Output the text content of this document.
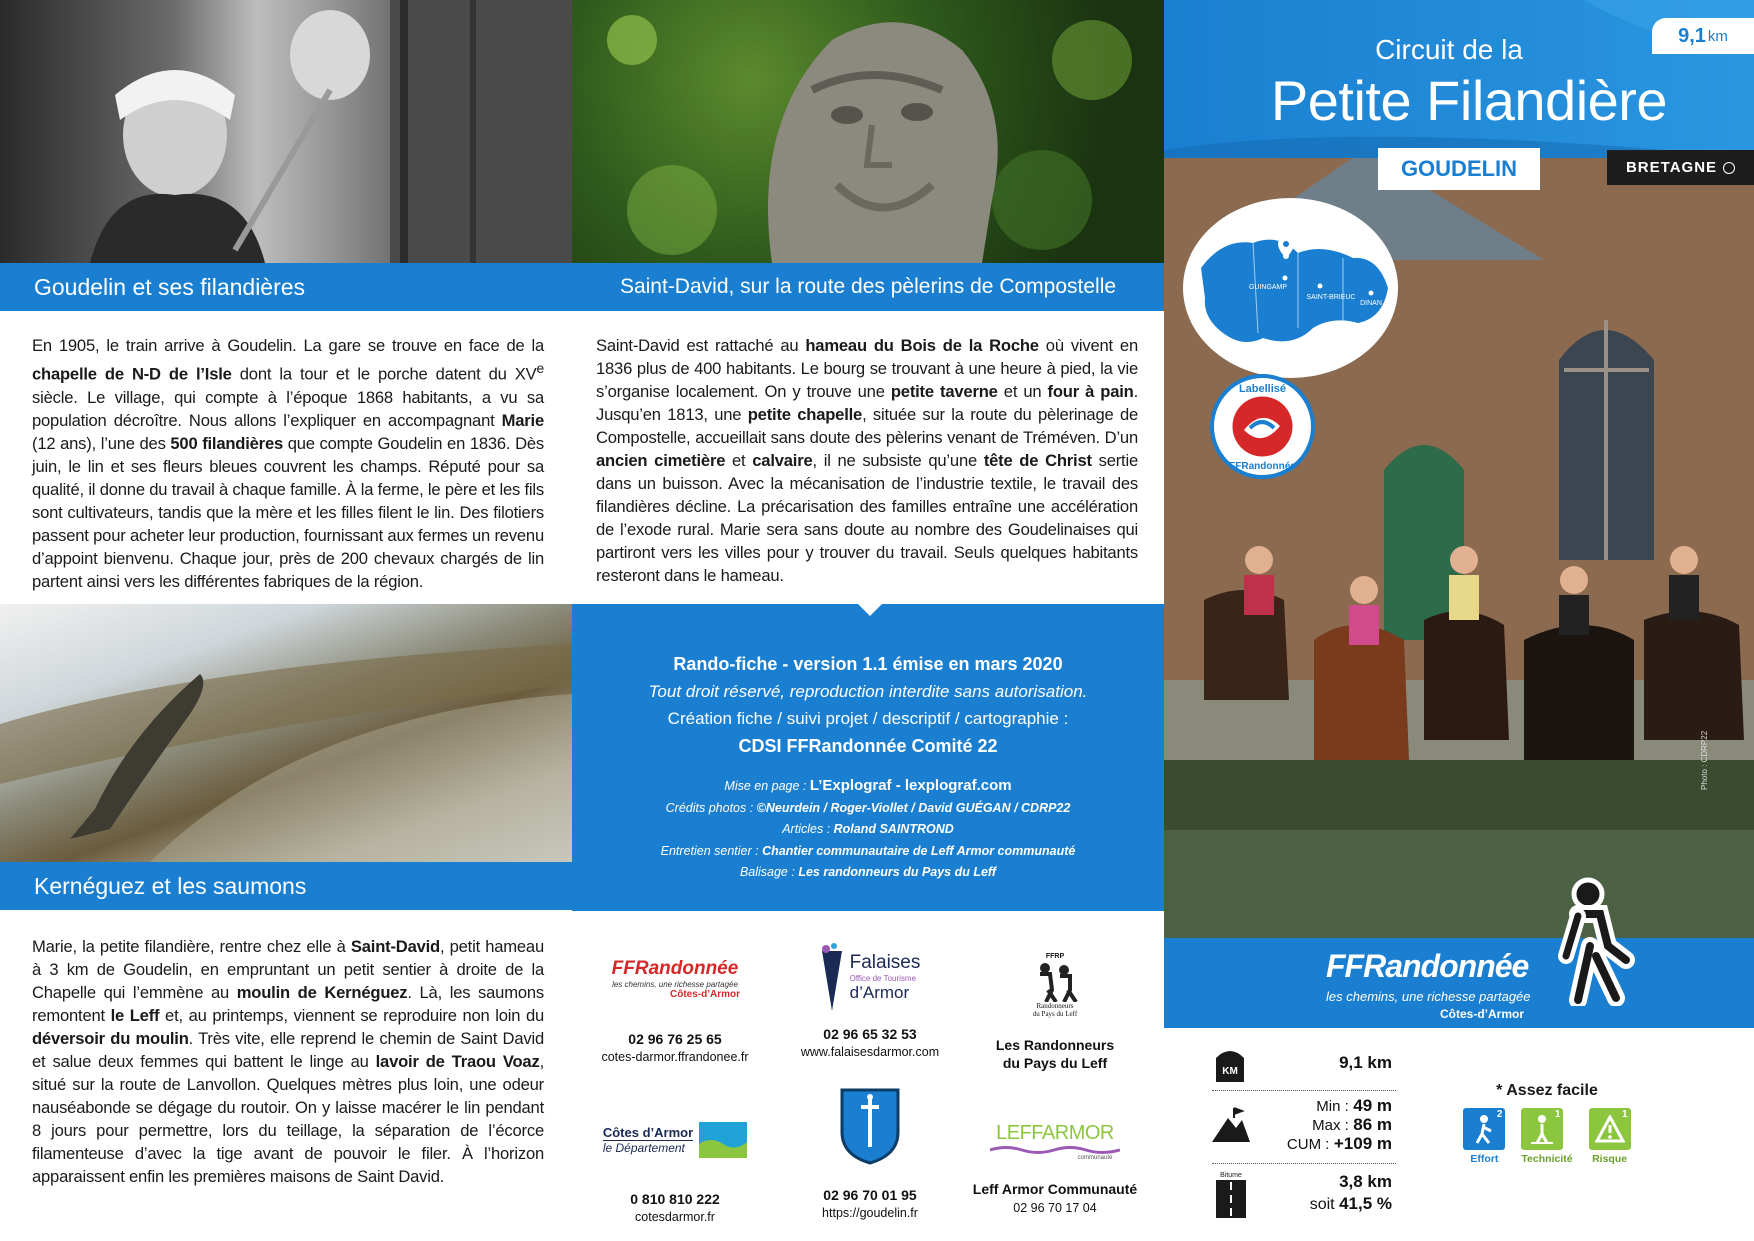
Goudelin et ses filandières	Saint-David, sur la route des pèlerins de Compostelle
Kernéguez et les saumons
En 1905, le train arrive à Goudelin. La gare se trouve en face de la chapelle de N-D de l’Isle dont la tour et le porche datent du XVe siècle. Le village, qui compte à l’époque 1868 habitants, a vu sa population décroître. Nous allons l’expliquer en accompagnant Marie (12 ans), l’une des 500 filandières que compte Goudelin en 1836. Dès juin, le lin et ses fleurs bleues couvrent les champs. Réputé pour sa qualité, il donne du travail à chaque famille. À la ferme, le père et les fils sont cultivateurs, tandis que la mère et les filles filent le lin. Des filotiers passent pour acheter leur production, fournissant aux fermes un revenu d’appoint bienvenu. Chaque jour, près de 200 chevaux chargés de lin partent ainsi vers les différentes fabriques de la région.
Saint-David est rattaché au hameau du Bois de la Roche où vivent en 1836 plus de 400 habitants. Le bourg se trouvant à une heure à pied, la vie s’organise localement. On y trouve une petite taverne et un four à pain. Jusqu’en 1813, une petite chapelle, située sur la route du pèlerinage de Compostelle, accueillait sans doute des pèlerins venant de Tréméven. D’un ancien cimetière et calvaire, il ne subsiste qu’une tête de Christ sertie dans un buisson. Avec la mécanisation de l’industrie textile, le travail des filandières décline. La précarisation des familles entraîne une accélération de l’exode rural. Marie sera sans doute au nombre des Goudelinaises qui partiront vers les villes pour y trouver du travail. Seuls quelques habitants resteront dans le hameau.
Marie, la petite filandière, rentre chez elle à Saint-David, petit hameau à 3 km de Goudelin, en empruntant un petit sentier à droite de la Chapelle qui l’emmène au moulin de Kernéguez. Là, les saumons remontent le Leff et, au printemps, viennent se reproduire non loin du déversoir du moulin. Très vite, elle reprend le chemin de Saint David et salue deux femmes qui battent le linge au lavoir de Traou Voaz, situé sur la route de Lanvollon. Quelques mètres plus loin, une odeur nauséabonde se dégage du routoir. On y laisse macérer le lin pendant 8 jours pour permettre, lors du teillage, la séparation de l’écorce filamenteuse d’avec la tige avant de pouvoir le filer. À l’horizon apparaissent enfin les premières maisons de Saint David.
Rando-fiche - version 1.1 émise en mars 2020
Tout droit réservé, reproduction interdite sans autorisation.
Création fiche / suivi projet / descriptif / cartographie :
CDSI FFRandonnée Comité 22
Mise en page : L’Explograf - lexplograf.com
Crédits photos : ©Neurdein / Roger-Viollet / David GUÉGAN / CDRP22
Articles : Roland SAINTROND
Entretien sentier : Chantier communautaire de Leff Armor communauté
Balisage : Les randonneurs du Pays du Leff
FFRandonnée
les chemins, une richesse partagée
Côtes-d’Armor
02 96 76 25 65
cotes-darmor.ffrandonee.fr
Falaises
Office de Tourisme
d’Armor
02 96 65 32 53
www.falaisesdarmor.com
FFRP
Randonneurs
du Pays du Leff
Les Randonneurs
du Pays du Leff
Côtes d’Armor
le Département
0 810 810 222
cotesdarmor.fr
02 96 70 01 95
https://goudelin.fr
LEFFARMOR
communauté
Leff Armor Communauté
02 96 70 17 04
9,1 km
Circuit de la
Petite Filandière
GOUDELIN	BRETAGNE
GOUDELIN
GUINGAMP
SAINT-BRIEUC
DINAN
Labellisé
FFRandonnée
Photo : CDRP22
FFRandonnée
les chemins, une richesse partagée
Côtes-d’Armor
KM	9,1 km
Min : 49 m
Max : 86 m
CUM : +109 m
Bitume	3,8 km
soit 41,5 %
* Assez facile
2
Effort
1
Technicité
1
Risque
